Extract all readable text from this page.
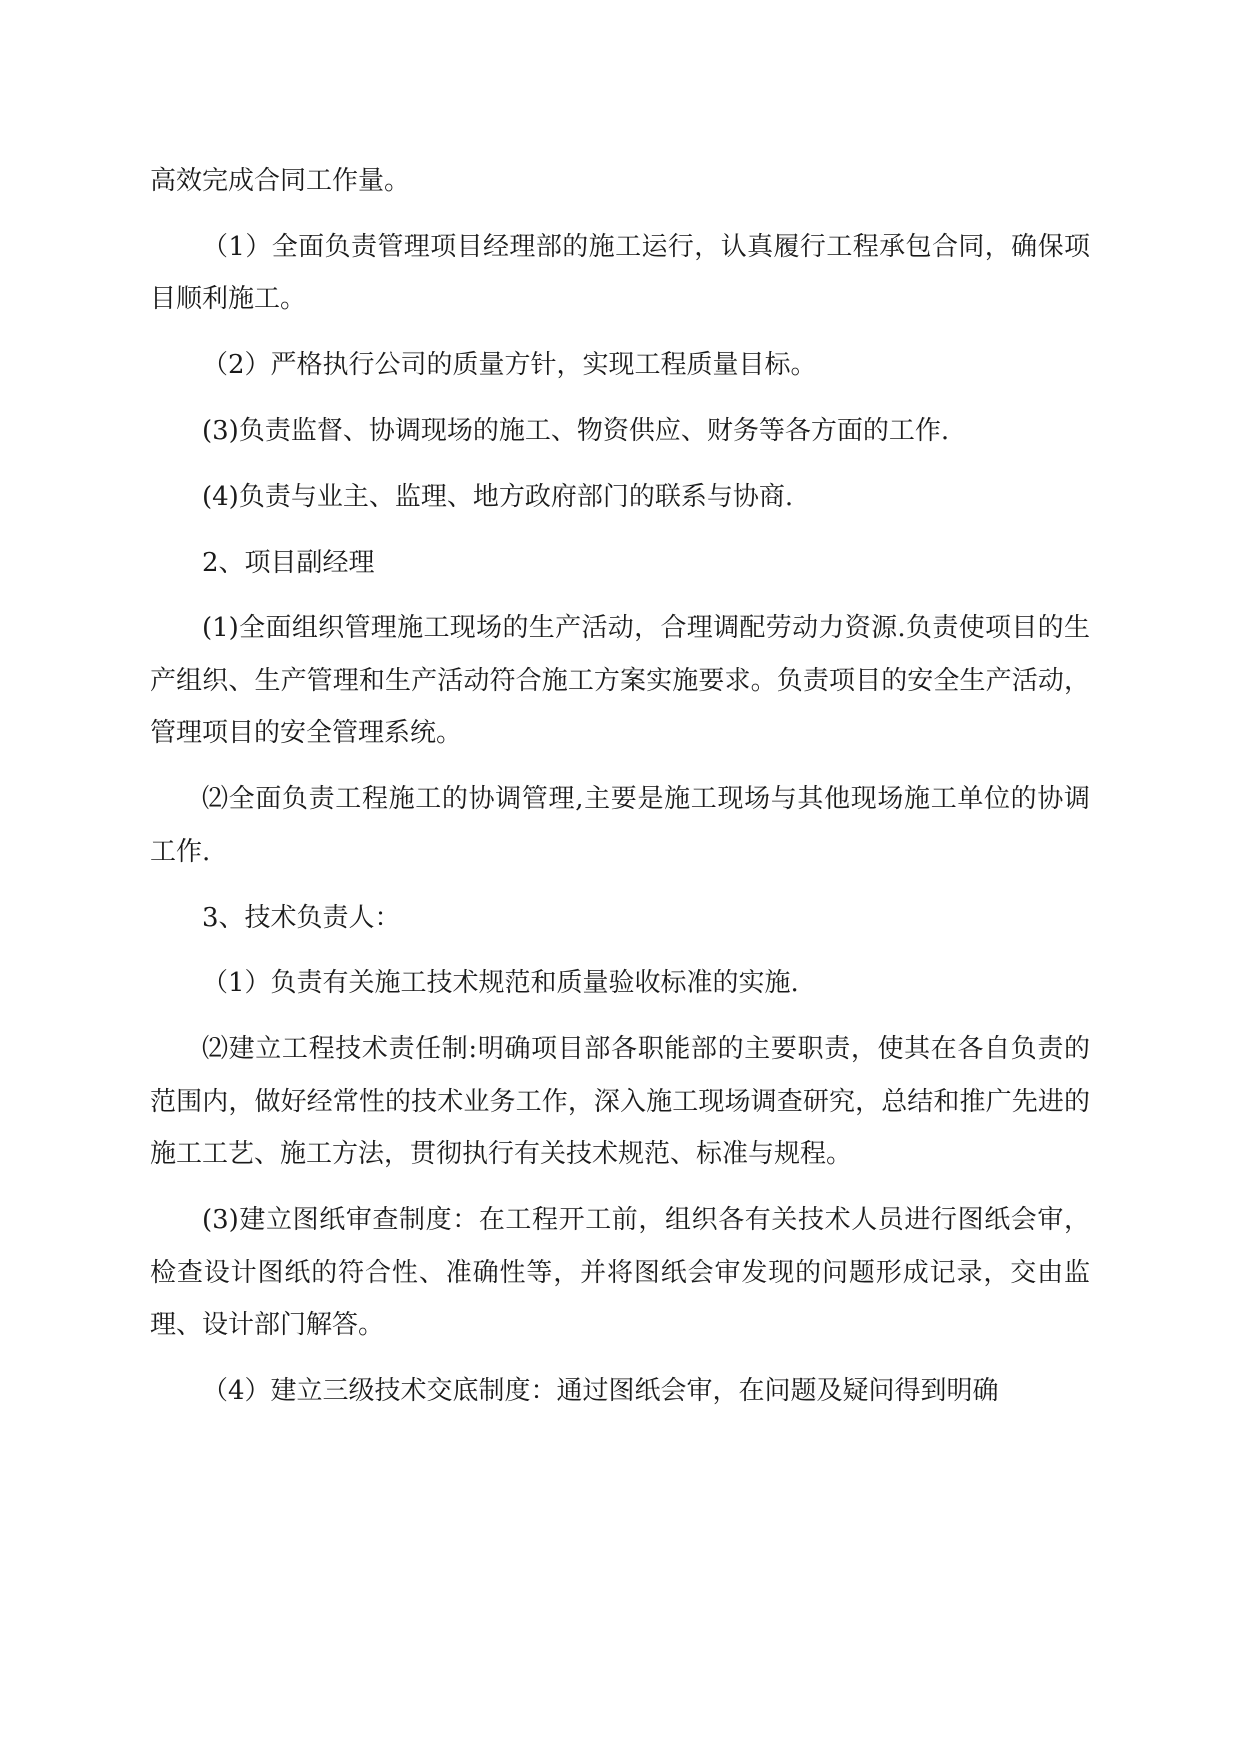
高效完成合同工作量。

（1）全面负责管理项目经理部的施工运行，认真履行工程承包合同，确保项目顺利施工。

（2）严格执行公司的质量方针，实现工程质量目标。

(3)负责监督、协调现场的施工、物资供应、财务等各方面的工作.

(4)负责与业主、监理、地方政府部门的联系与协商.

2、项目副经理

(1)全面组织管理施工现场的生产活动，合理调配劳动力资源.负责使项目的生产组织、生产管理和生产活动符合施工方案实施要求。负责项目的安全生产活动，管理项目的安全管理系统。

⑵全面负责工程施工的协调管理,主要是施工现场与其他现场施工单位的协调工作.

3、技术负责人：

（1）负责有关施工技术规范和质量验收标准的实施.

⑵建立工程技术责任制:明确项目部各职能部的主要职责，使其在各自负责的范围内，做好经常性的技术业务工作，深入施工现场调查研究，总结和推广先进的施工工艺、施工方法，贯彻执行有关技术规范、标准与规程。

(3)建立图纸审查制度：在工程开工前，组织各有关技术人员进行图纸会审，检查设计图纸的符合性、准确性等，并将图纸会审发现的问题形成记录，交由监理、设计部门解答。

（4）建立三级技术交底制度：通过图纸会审，在问题及疑问得到明确
